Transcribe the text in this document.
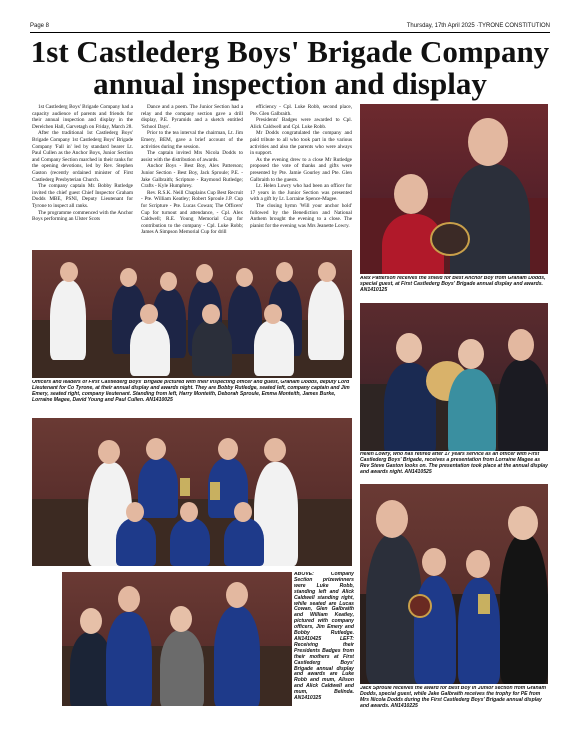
Page 8	Thursday, 17th April 2025 ·TYRONE CONSTITUTION
1st Castlederg Boys' Brigade Company
annual inspection and display

1st Castlederg Boys' Brigade Company had a capacity audience of parents and friends for their annual inspection and display in the Derelchen Hall, Garvetagh on Friday, March 28.

After the traditional 1st Castlederg Boys' Brigade Company 1st Castlederg Boys' Brigade Company 'Fall in' led by standard bearer Lt. Paul Cullen as the Anchor Boys, Junior Section and Company Section marched in their ranks for the opening devotions, led by Rev. Stephen Gaston (recently ordained minister of First Castlederg Presbyterian Church.

The company captain Mr. Bobby Rutledge invited the chief guest Chief Inspector Graham Dodds MBE, PSNI, Deputy Lieutenant for Tyrone to inspect all ranks.

The programme commenced with the Anchor Boys performing an Ulster Scots

Dance and a poem. The Junior Section had a relay and the company section gave a drill display, P.E. Pyramids and a sketch entitled 'School Days'.

Prior to the tea interval the chairman, Lt. Jim Emery, BEM, gave a brief account of the activities during the session.

The captain invited Mrs Nicola Dodds to assist with the distribution of awards.

Anchor Boys - Best Boy, Alex Patterson; Junior Section - Best Boy, Jack Sproule; P.E. - Jake Galbraith; Scripture - Raymond Rutledge; Crafts - Kyle Humphrey.

Rev. R.S.K. Neill Chaplains Cup Best Recruit - Pte. William Keatley; Robert Sproule J.P. Cup for Scripture - Pte. Lucas Cowan; The Officers' Cup for turnout and attendance, - Cpl. Alex Caldwell; R.E. Young Memorial Cup for contribution to the company - Cpl. Luke Robb; James A Simpson Memorial Cup for drill

efficiency - Cpl. Luke Robb, second place, Pte. Glen Galbraith.

Presidents' Badges were awarded to Cpl. Alick Caldwell and Cpl. Luke Robb.

Mr Dodds congratulated the company and paid tribute to all who took part in the various activities and also the parents who were always in support.

As the evening drew to a close Mr Rutledge proposed the vote of thanks and gifts were presented by Pte. Jamie Gourley and Pte. Glen Galbraith to the guests.

Lt. Helen Lowry who had been an officer for 17 years in the Junior Section was presented with a gift by Lt. Lorraine Spence-Magee.

The closing hymn 'Will your anchor hold' followed by the Benediction and National Anthem brought the evening to a close. The pianist for the evening was Mrs Jeanette Lowry.

Alex Patterson receives the shield for Best Anchor Boy from Graham Dodds, special guest, at First Castlederg Boys' Brigade annual display and awards. AN1410125
Officers and leaders of First Castlederg Boys' Brigade pictured with their inspecting officer and guest, Graham Dodds, deputy Lord Lieutenant for Co Tyrone, at their annual display and awards night. They are Bobby Rutledge, seated left, company captain and Jim Emery, seated right, company lieutenant. Standing from left, Harry Monteith, Deborah Sproule, Emma Monteith, James Burke, Lorraine Magee, David Young and Paul Cullen. AN1410025
Helen Lowry, who has retired after 17 years service as an officer with First Castlederg Boys' Brigade, receives a presentation from Lorraine Magee as Rev Steve Gaston looks on. The presentation took place at the annual display and awards night. AN1410525
ABOVE: Company Section prizewinners were Luke Robb, standing left and Alick Caldwell standing right, while seated are Lucas Cowan, Glen Galbraith and William Keatley, pictured with company officers, Jim Emery and Bobby Rutledge. AN1410425 LEFT: Receiving their Presidents Badges from their mothers at First Castlederg Boys' Brigade annual display and awards are Luke Robb and mum, Alison and Alick Caldwell and mum, Belinda. AN1410325
Jack Sproule receives the award for Best Boy in Junior section from Graham Dodds, special guest, while Jake Galbraith receives the trophy for PE from Mrs Nicola Dodds during the First Castlederg Boys' Brigade annual display and awards. AN1410225
